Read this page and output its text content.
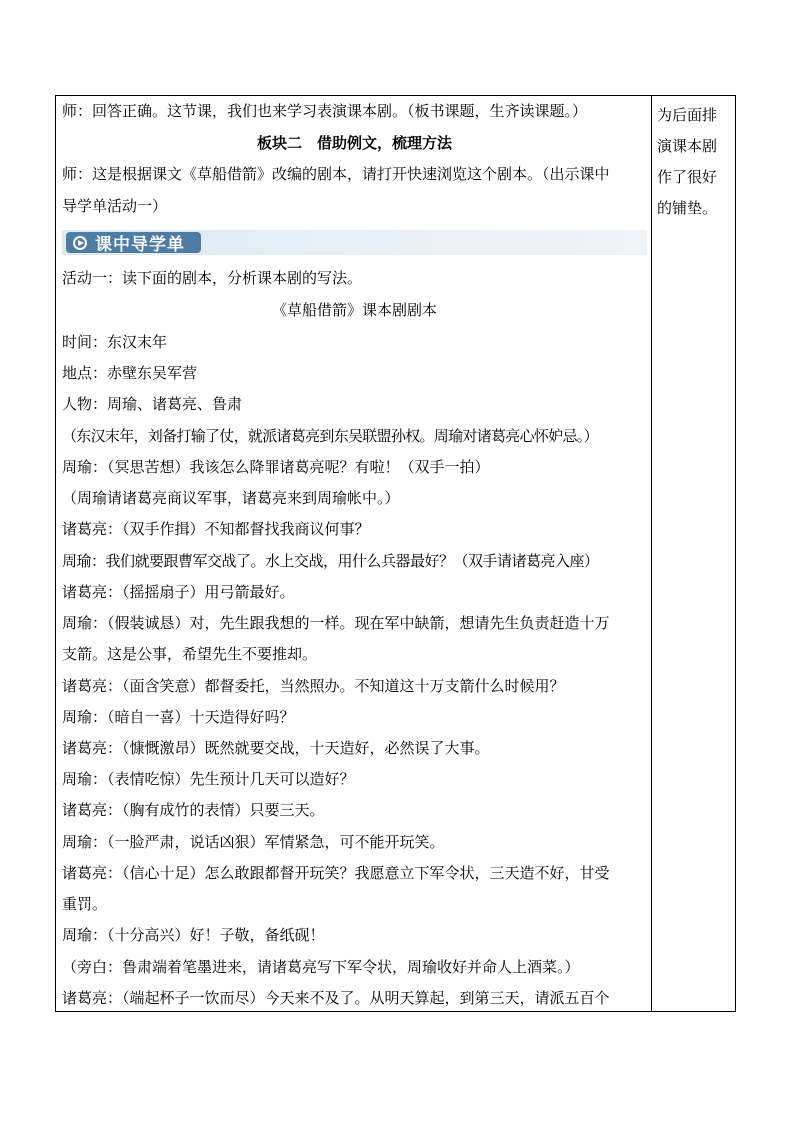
师：回答正确。这节课，我们也来学习表演课本剧。（板书课题，生齐读课题。）
板块二　借助例文，梳理方法
师：这是根据课文《草船借箭》改编的剧本，请打开快速浏览这个剧本。（出示课中
导学单活动一）
课中导学单
活动一：读下面的剧本，分析课本剧的写法。
《草船借箭》课本剧剧本
时间：东汉末年
地点：赤壁东吴军营
人物：周瑜、诸葛亮、鲁肃
（东汉末年，刘备打输了仗，就派诸葛亮到东吴联盟孙权。周瑜对诸葛亮心怀妒忌。）
周瑜：（冥思苦想）我该怎么降罪诸葛亮呢？有啦！（双手一拍）
（周瑜请诸葛亮商议军事，诸葛亮来到周瑜帐中。）
诸葛亮：（双手作揖）不知都督找我商议何事？
周瑜：我们就要跟曹军交战了。水上交战，用什么兵器最好？（双手请诸葛亮入座）
诸葛亮：（摇摇扇子）用弓箭最好。
周瑜：（假装诚恳）对，先生跟我想的一样。现在军中缺箭，想请先生负责赶造十万
支箭。这是公事，希望先生不要推却。
诸葛亮：（面含笑意）都督委托，当然照办。不知道这十万支箭什么时候用？
周瑜：（暗自一喜）十天造得好吗？
诸葛亮：（慷慨激昂）既然就要交战，十天造好，必然误了大事。
周瑜：（表情吃惊）先生预计几天可以造好？
诸葛亮：（胸有成竹的表情）只要三天。
周瑜：（一脸严肃，说话凶狠）军情紧急，可不能开玩笑。
诸葛亮：（信心十足）怎么敢跟都督开玩笑？我愿意立下军令状，三天造不好，甘受
重罚。
周瑜：（十分高兴）好！子敬，备纸砚！
（旁白：鲁肃端着笔墨进来，请诸葛亮写下军令状，周瑜收好并命人上酒菜。）
诸葛亮：（端起杯子一饮而尽）今天来不及了。从明天算起，到第三天，请派五百个
为后面排
演课本剧
作了很好
的铺垫。
